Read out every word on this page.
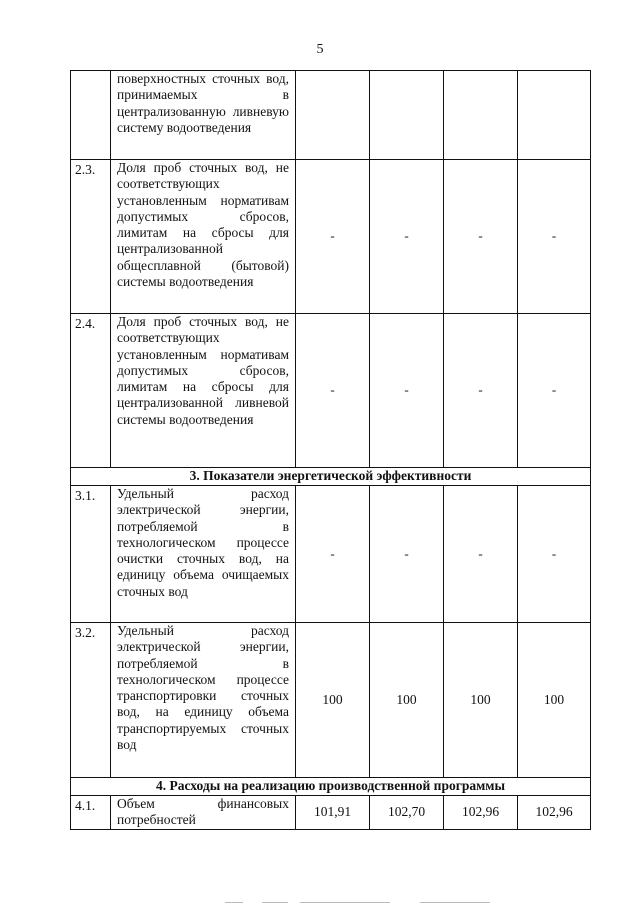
5
	поверхностных сточных вод, принимаемых в централизованную ливневую систему водоотведения				
2.3.	Доля проб сточных вод, не соответствующих установленным нормативам допустимых сбросов, лимитам на сбросы для централизованной общесплавной (бытовой) системы водоотведения	-	-	-	-
2.4.	Доля проб сточных вод, не соответствующих установленным нормативам допустимых сбросов, лимитам на сбросы для централизованной ливневой системы водоотведения	-	-	-	-
3. Показатели энергетической эффективности					
3.1.	Удельный расход электрической энергии, потребляемой в технологическом процессе очистки сточных вод, на единицу объема очищаемых сточных вод	-	-	-	-
3.2.	Удельный расход электрической энергии, потребляемой в технологическом процессе транспортировки сточных вод, на единицу объема транспортируемых сточных вод	100	100	100	100
4. Расходы на реализацию производственной программы					
4.1.	Объем финансовых потребностей	101,91	102,70	102,96	102,96
